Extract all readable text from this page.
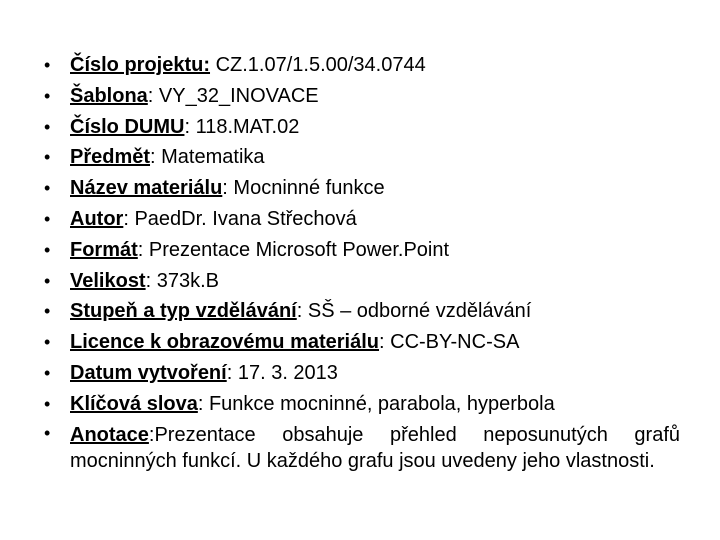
• Číslo projektu: CZ.1.07/1.5.00/34.0744
• Šablona: VY_32_INOVACE
• Číslo DUMU: 118.MAT.02
• Předmět: Matematika
• Název materiálu: Mocninné funkce
• Autor: PaedDr. Ivana Střechová
• Formát: Prezentace Microsoft Power.Point
• Velikost: 373k.B
• Stupeň a typ vzdělávání: SŠ – odborné vzdělávání
• Licence k obrazovému materiálu: CC-BY-NC-SA
• Datum vytvoření: 17. 3. 2013
• Klíčová slova: Funkce mocninné, parabola, hyperbola
• Anotace:Prezentace obsahuje přehled neposunutých grafů mocninných funkcí. U každého grafu jsou uvedeny jeho vlastnosti.
